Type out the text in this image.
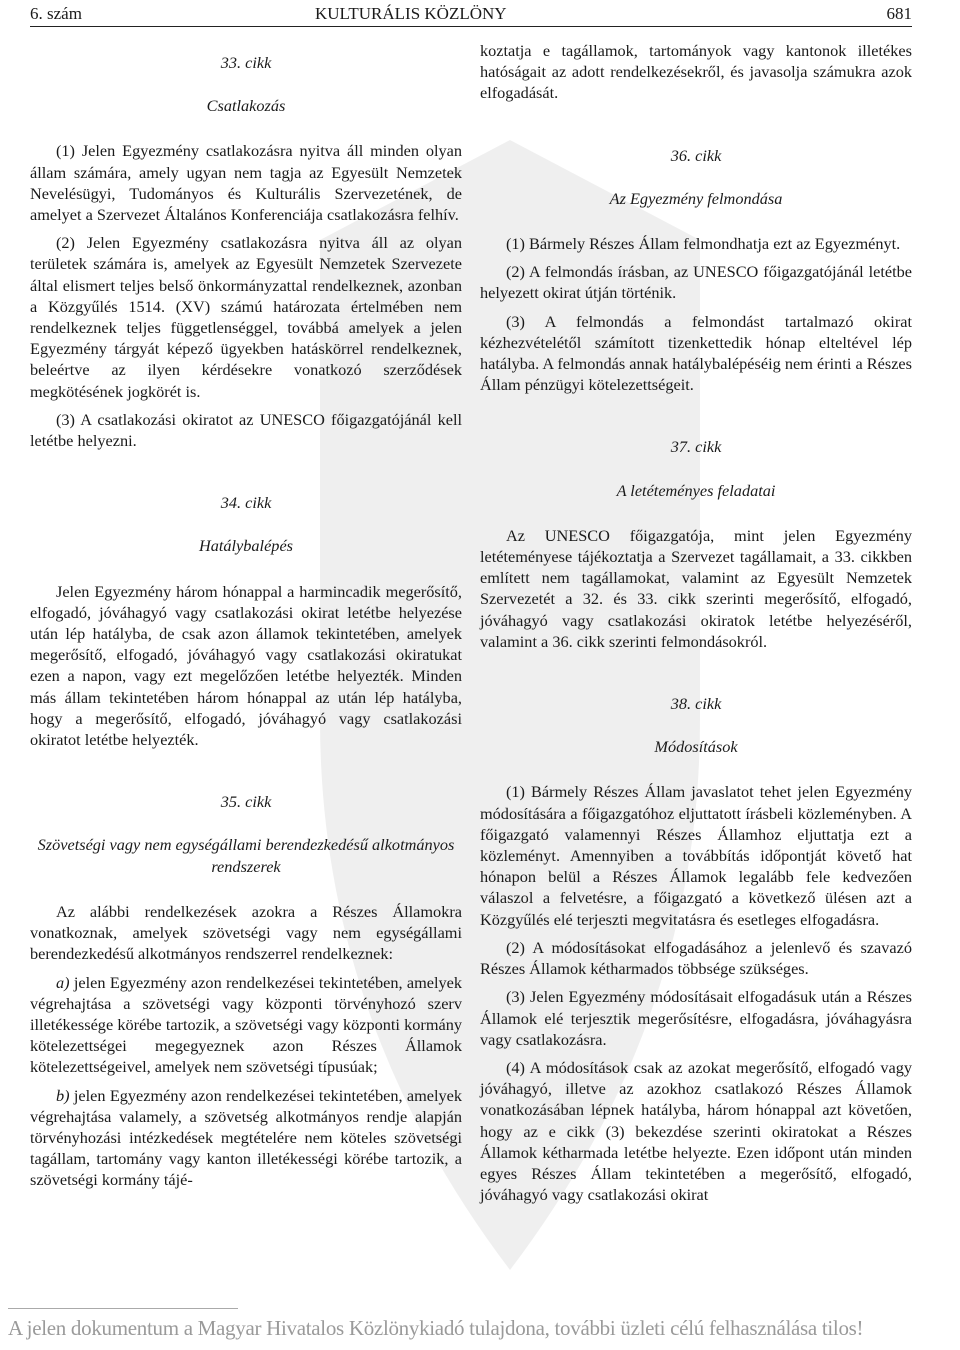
6. szám	KULTURÁLIS KÖZLÖNY	681
33. cikk
Csatlakozás
(1) Jelen Egyezmény csatlakozásra nyitva áll minden olyan állam számára, amely ugyan nem tagja az Egyesült Nemzetek Nevelésügyi, Tudományos és Kulturális Szervezetének, de amelyet a Szervezet Általános Konferenciája csatlakozásra felhív.
(2) Jelen Egyezmény csatlakozásra nyitva áll az olyan területek számára is, amelyek az Egyesült Nemzetek Szervezete által elismert teljes belső önkormányzattal rendelkeznek, azonban a Közgyűlés 1514. (XV) számú határozata értelmében nem rendelkeznek teljes függetlenséggel, továbbá amelyek a jelen Egyezmény tárgyát képező ügyekben hatáskörrel rendelkeznek, beleértve az ilyen kérdésekre vonatkozó szerződések megkötésének jogkörét is.
(3) A csatlakozási okiratot az UNESCO főigazgatójánál kell letétbe helyezni.
34. cikk
Hatálybalépés
Jelen Egyezmény három hónappal a harmincadik megerősítő, elfogadó, jóváhagyó vagy csatlakozási okirat letétbe helyezése után lép hatályba, de csak azon államok tekintetében, amelyek megerősítő, elfogadó, jóváhagyó vagy csatlakozási okiratukat ezen a napon, vagy ezt megelőzően letétbe helyezték. Minden más állam tekintetében három hónappal az után lép hatályba, hogy a megerősítő, elfogadó, jóváhagyó vagy csatlakozási okiratot letétbe helyezték.
35. cikk
Szövetségi vagy nem egységállami berendezkedésű alkotmányos rendszerek
Az alábbi rendelkezések azokra a Részes Államokra vonatkoznak, amelyek szövetségi vagy nem egységállami berendezkedésű alkotmányos rendszerrel rendelkeznek:
a) jelen Egyezmény azon rendelkezései tekintetében, amelyek végrehajtása a szövetségi vagy központi törvényhozó szerv illetékessége körébe tartozik, a szövetségi vagy központi kormány kötelezettségei megegyeznek azon Részes Államok kötelezettségeivel, amelyek nem szövetségi típusúak;
b) jelen Egyezmény azon rendelkezései tekintetében, amelyek végrehajtása valamely, a szövetség alkotmányos rendje alapján törvényhozási intézkedések megtételére nem köteles szövetségi tagállam, tartomány vagy kanton illetékességi körébe tartozik, a szövetségi kormány tájé-
koztatja e tagállamok, tartományok vagy kantonok illetékes hatóságait az adott rendelkezésekről, és javasolja számukra azok elfogadását.
36. cikk
Az Egyezmény felmondása
(1) Bármely Részes Állam felmondhatja ezt az Egyezményt.
(2) A felmondás írásban, az UNESCO főigazgatójánál letétbe helyezett okirat útján történik.
(3) A felmondás a felmondást tartalmazó okirat kézhezvételétől számított tizenkettedik hónap elteltével lép hatályba. A felmondás annak hatálybalépéséig nem érinti a Részes Állam pénzügyi kötelezettségeit.
37. cikk
A letéteményes feladatai
Az UNESCO főigazgatója, mint jelen Egyezmény letéteményese tájékoztatja a Szervezet tagállamait, a 33. cikkben említett nem tagállamokat, valamint az Egyesült Nemzetek Szervezetét a 32. és 33. cikk szerinti megerősítő, elfogadó, jóváhagyó vagy csatlakozási okiratok letétbe helyezéséről, valamint a 36. cikk szerinti felmondásokról.
38. cikk
Módosítások
(1) Bármely Részes Állam javaslatot tehet jelen Egyezmény módosítására a főigazgatóhoz eljuttatott írásbeli közleményben. A főigazgató valamennyi Részes Államhoz eljuttatja ezt a közleményt. Amennyiben a továbbítás időpontját követő hat hónapon belül a Részes Államok legalább fele kedvezően válaszol a felvetésre, a főigazgató a következő ülésen azt a Közgyűlés elé terjeszti megvitatásra és esetleges elfogadásra.
(2) A módosításokat elfogadásához a jelenlevő és szavazó Részes Államok kétharmados többsége szükséges.
(3) Jelen Egyezmény módosításait elfogadásuk után a Részes Államok elé terjesztik megerősítésre, elfogadásra, jóváhagyásra vagy csatlakozásra.
(4) A módosítások csak az azokat megerősítő, elfogadó vagy jóváhagyó, illetve az azokhoz csatlakozó Részes Államok vonatkozásában lépnek hatályba, három hónappal azt követően, hogy az e cikk (3) bekezdése szerinti okiratokat a Részes Államok kétharmada letétbe helyezte. Ezen időpont után minden egyes Részes Állam tekintetében a megerősítő, elfogadó, jóváhagyó vagy csatlakozási okirat
A jelen dokumentum a Magyar Hivatalos Közlönykiadó tulajdona, további üzleti célú felhasználása tilos!
